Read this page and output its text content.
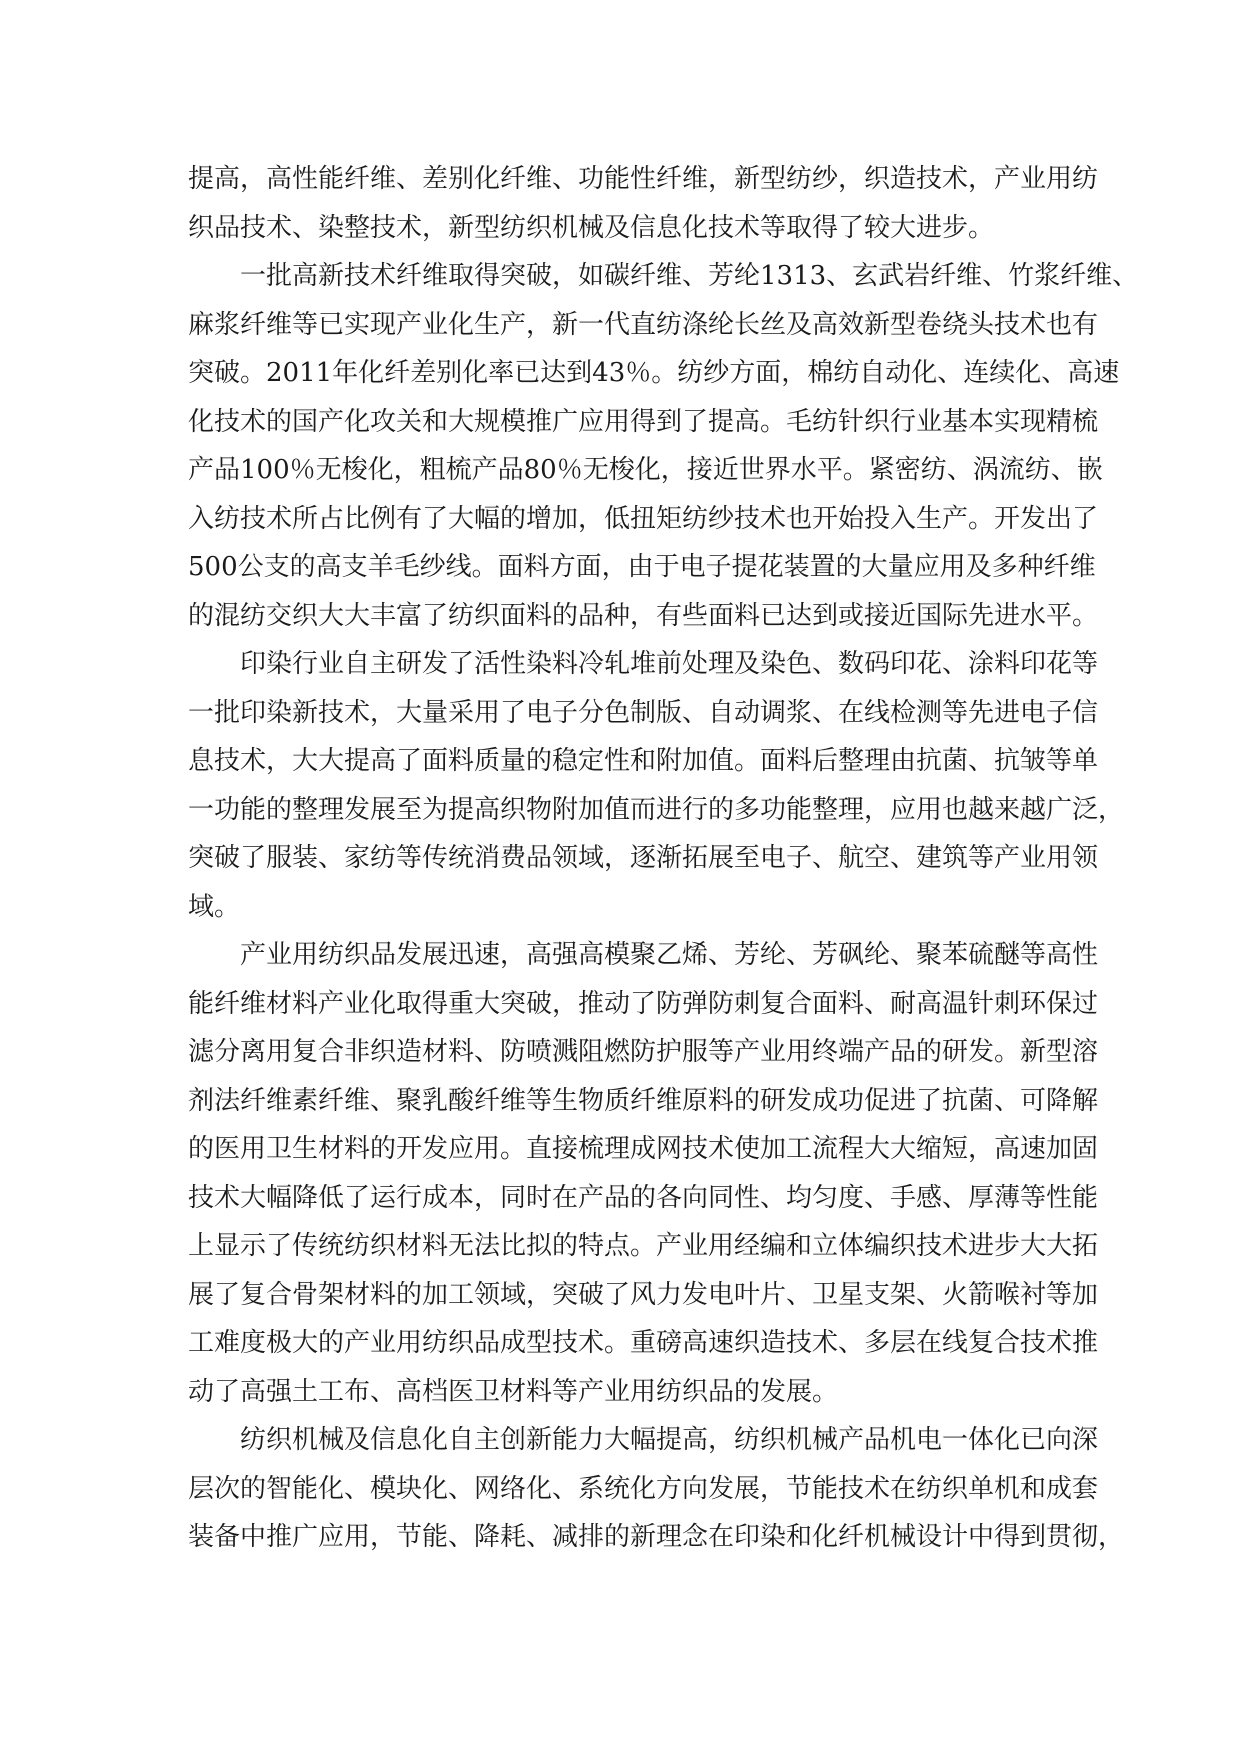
提高，高性能纤维、差别化纤维、功能性纤维，新型纺纱，织造技术，产业用纺
织品技术、染整技术，新型纺织机械及信息化技术等取得了较大进步。

一批高新技术纤维取得突破，如碳纤维、芳纶1313、玄武岩纤维、竹浆纤维、
麻浆纤维等已实现产业化生产，新一代直纺涤纶长丝及高效新型卷绕头技术也有
突破。2011年化纤差别化率已达到43％。纺纱方面，棉纺自动化、连续化、高速
化技术的国产化攻关和大规模推广应用得到了提高。毛纺针织行业基本实现精梳
产品100％无梭化，粗梳产品80％无梭化，接近世界水平。紧密纺、涡流纺、嵌
入纺技术所占比例有了大幅的增加，低扭矩纺纱技术也开始投入生产。开发出了
500公支的高支羊毛纱线。面料方面，由于电子提花装置的大量应用及多种纤维
的混纺交织大大丰富了纺织面料的品种，有些面料已达到或接近国际先进水平。

印染行业自主研发了活性染料冷轧堆前处理及染色、数码印花、涂料印花等
一批印染新技术，大量采用了电子分色制版、自动调浆、在线检测等先进电子信
息技术，大大提高了面料质量的稳定性和附加值。面料后整理由抗菌、抗皱等单
一功能的整理发展至为提高织物附加值而进行的多功能整理，应用也越来越广泛，
突破了服装、家纺等传统消费品领域，逐渐拓展至电子、航空、建筑等产业用领
域。

产业用纺织品发展迅速，高强高模聚乙烯、芳纶、芳砜纶、聚苯硫醚等高性
能纤维材料产业化取得重大突破，推动了防弹防刺复合面料、耐高温针刺环保过
滤分离用复合非织造材料、防喷溅阻燃防护服等产业用终端产品的研发。新型溶
剂法纤维素纤维、聚乳酸纤维等生物质纤维原料的研发成功促进了抗菌、可降解
的医用卫生材料的开发应用。直接梳理成网技术使加工流程大大缩短，高速加固
技术大幅降低了运行成本，同时在产品的各向同性、均匀度、手感、厚薄等性能
上显示了传统纺织材料无法比拟的特点。产业用经编和立体编织技术进步大大拓
展了复合骨架材料的加工领域，突破了风力发电叶片、卫星支架、火箭喉衬等加
工难度极大的产业用纺织品成型技术。重磅高速织造技术、多层在线复合技术推
动了高强土工布、高档医卫材料等产业用纺织品的发展。

纺织机械及信息化自主创新能力大幅提高，纺织机械产品机电一体化已向深
层次的智能化、模块化、网络化、系统化方向发展，节能技术在纺织单机和成套
装备中推广应用，节能、降耗、减排的新理念在印染和化纤机械设计中得到贯彻，
